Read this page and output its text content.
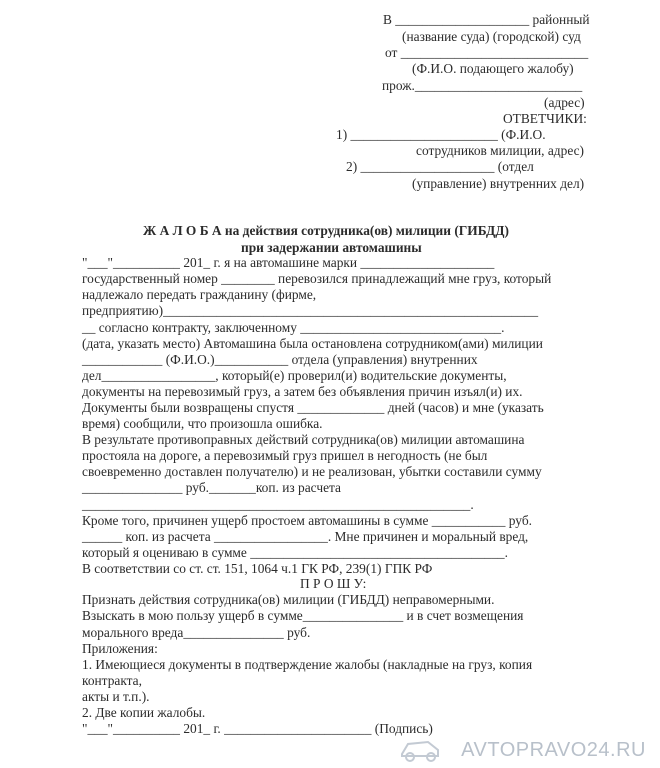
В ____________________ районный
(название суда) (городской) суд
от ____________________________
(Ф.И.О. подающего жалобу)
прож._________________________
(адрес)
ОТВЕТЧИКИ:
1) ______________________ (Ф.И.О.
сотрудников милиции, адрес)
2) ____________________ (отдел
(управление) внутренних дел)
Ж А Л О Б А на действия сотрудника(ов) милиции (ГИБДД)
при задержании автомашины
"___"__________ 201_ г. я на автомашине марки ____________________
государственный номер ________ перевозился принадлежащий мне груз, который
надлежало передать гражданину (фирме,
предприятию)________________________________________________________
__ согласно контракту, заключенному ______________________________.
(дата, указать место) Автомашина была остановлена сотрудником(ами) милиции
____________ (Ф.И.О.)___________ отдела (управления) внутренних
дел_________________, который(е) проверил(и) водительские документы,
документы на перевозимый груз, а затем без объявления причин изъял(и) их.
Документы были возвращены спустя _____________ дней (часов) и мне (указать
время) сообщили, что произошла ошибка.
В результате противоправных действий сотрудника(ов) милиции автомашина
простояла на дороге, а перевозимый груз пришел в негодность (не был
своевременно доставлен получателю) и не реализован, убытки составили сумму
_______________ руб._______коп. из расчета
__________________________________________________________.
Кроме того, причинен ущерб простоем автомашины в сумме ___________ руб.
______ коп. из расчета _________________. Мне причинен и моральный вред,
который я оцениваю в сумме ______________________________________.
В соответствии со ст. ст. 151, 1064 ч.1 ГК РФ, 239(1) ГПК РФ
П Р О Ш У:
Признать действия сотрудника(ов) милиции (ГИБДД) неправомерными.
Взыскать в мою пользу ущерб в сумме_______________ и в счет возмещения
морального вреда_______________ руб.
Приложения:
1. Имеющиеся документы в подтверждение жалобы (накладные на груз, копия
контракта,
акты и т.п.).
2. Две копии жалобы.
"___"__________ 201_ г. ______________________ (Подпись)
AVTOPRAVO24.RU
